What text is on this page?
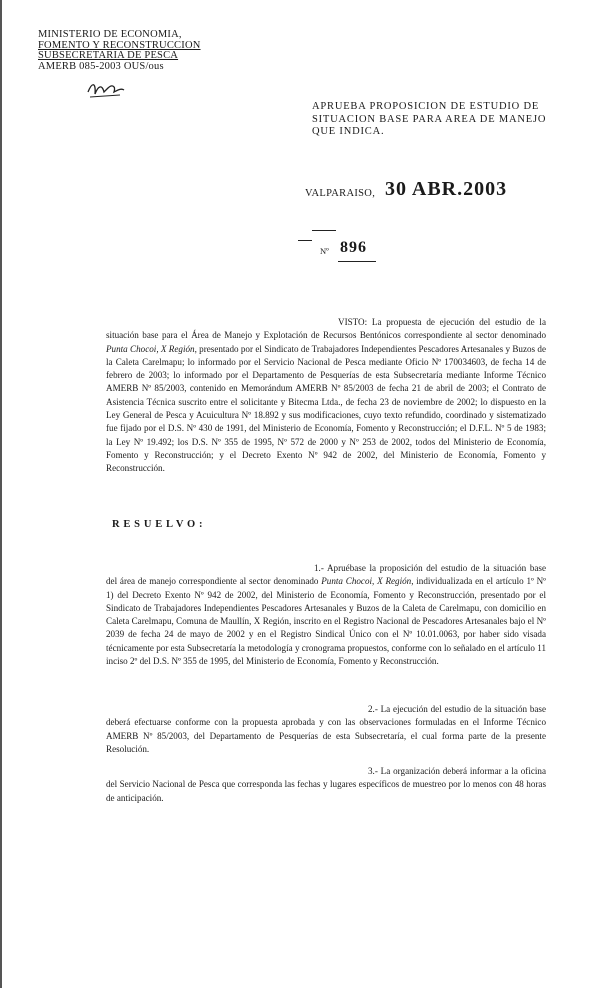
MINISTERIO DE ECONOMIA,
FOMENTO Y RECONSTRUCCION
SUBSECRETARIA DE PESCA
AMERB 085-2003 OUS/ous
APRUEBA PROPOSICION DE ESTUDIO DE SITUACION BASE PARA AREA DE MANEJO QUE INDICA.
VALPARAISO, 30 ABR.2003
Nº 896
VISTO: La propuesta de ejecución del estudio de la situación base para el Área de Manejo y Explotación de Recursos Bentónicos correspondiente al sector denominado Punta Chocoi, X Región, presentado por el Sindicato de Trabajadores Independientes Pescadores Artesanales y Buzos de la Caleta Carelmapu; lo informado por el Servicio Nacional de Pesca mediante Oficio Nº 170034603, de fecha 14 de febrero de 2003; lo informado por el Departamento de Pesquerías de esta Subsecretaría mediante Informe Técnico AMERB Nº 85/2003, contenido en Memorándum AMERB Nº 85/2003 de fecha 21 de abril de 2003; el Contrato de Asistencia Técnica suscrito entre el solicitante y Bitecma Ltda., de fecha 23 de noviembre de 2002; lo dispuesto en la Ley General de Pesca y Acuicultura Nº 18.892 y sus modificaciones, cuyo texto refundido, coordinado y sistematizado fue fijado por el D.S. Nº 430 de 1991, del Ministerio de Economía, Fomento y Reconstrucción; el D.F.L. Nº 5 de 1983; la Ley Nº 19.492; los D.S. Nº 355 de 1995, Nº 572 de 2000 y Nº 253 de 2002, todos del Ministerio de Economía, Fomento y Reconstrucción; y el Decreto Exento Nº 942 de 2002, del Ministerio de Economía, Fomento y Reconstrucción.
RESUELVO:
1.- Apruébase la proposición del estudio de la situación base del área de manejo correspondiente al sector denominado Punta Chocoi, X Región, individualizada en el artículo 1º Nº 1) del Decreto Exento Nº 942 de 2002, del Ministerio de Economía, Fomento y Reconstrucción, presentado por el Sindicato de Trabajadores Independientes Pescadores Artesanales y Buzos de la Caleta de Carelmapu, con domicilio en Caleta Carelmapu, Comuna de Maullín, X Región, inscrito en el Registro Nacional de Pescadores Artesanales bajo el Nº 2039 de fecha 24 de mayo de 2002 y en el Registro Sindical Único con el Nº 10.01.0063, por haber sido visada técnicamente por esta Subsecretaría la metodología y cronograma propuestos, conforme con lo señalado en el artículo 11 inciso 2º del D.S. Nº 355 de 1995, del Ministerio de Economía, Fomento y Reconstrucción.
2.- La ejecución del estudio de la situación base deberá efectuarse conforme con la propuesta aprobada y con las observaciones formuladas en el Informe Técnico AMERB Nº 85/2003, del Departamento de Pesquerías de esta Subsecretaría, el cual forma parte de la presente Resolución.
3.- La organización deberá informar a la oficina del Servicio Nacional de Pesca que corresponda las fechas y lugares específicos de muestreo por lo menos con 48 horas de anticipación.
